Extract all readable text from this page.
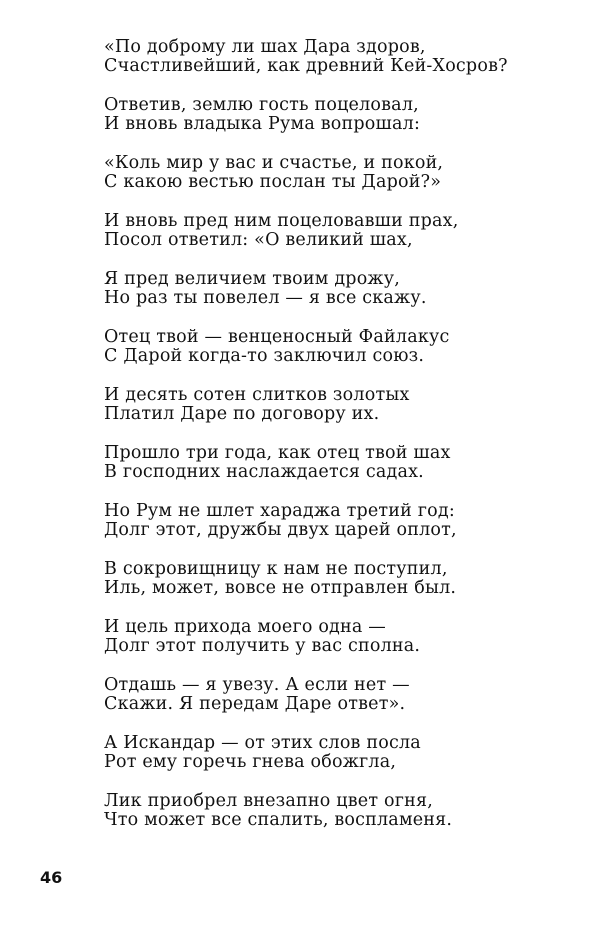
«По доброму ли шах Дара здоров,
Счастливейший, как древний Кей-Хосров?
Ответив, землю гость поцеловал,
И вновь владыка Рума вопрошал:
«Коль мир у вас и счастье, и покой,
С какою вестью послан ты Дарой?»
И вновь пред ним поцеловавши прах,
Посол ответил: «О великий шах,
Я пред величием твоим дрожу,
Но раз ты повелел — я все скажу.
Отец твой — венценосный Файлакус
С Дарой когда-то заключил союз.
И десять сотен слитков золотых
Платил Даре по договору их.
Прошло три года, как отец твой шах
В господних наслаждается садах.
Но Рум не шлет хараджа третий год:
Долг этот, дружбы двух царей оплот,
В сокровищницу к нам не поступил,
Иль, может, вовсе не отправлен был.
И цель прихода моего одна —
Долг этот получить у вас сполна.
Отдашь — я увезу. А если нет —
Скажи. Я передам Даре ответ».
А Искандар — от этих слов посла
Рот ему горечь гнева обожгла,
Лик приобрел внезапно цвет огня,
Что может все спалить, воспламеня.
46
